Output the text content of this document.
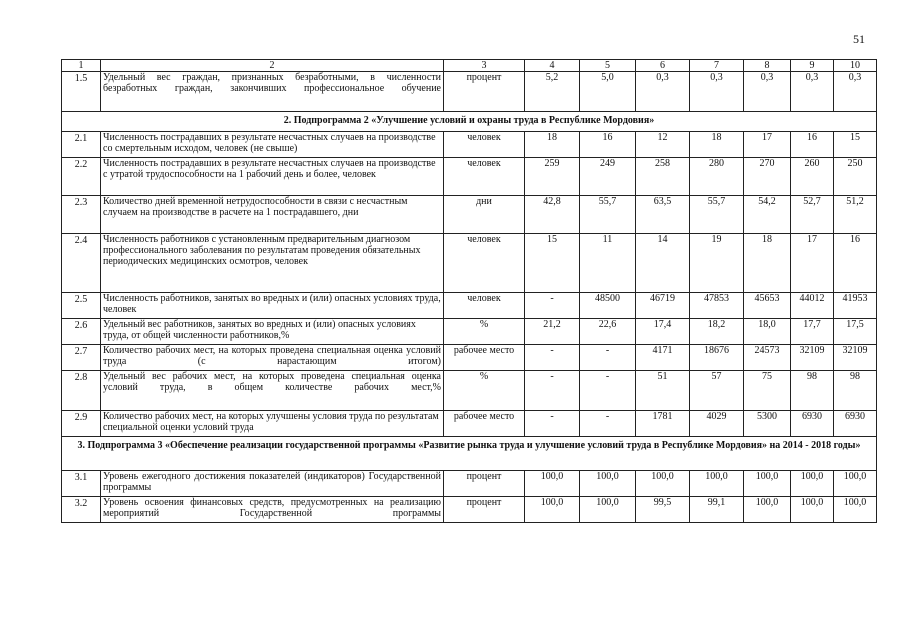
51
1	2	3	4	5	6	7	8	9	10
1.5	Удельный вес граждан, признанных безработными, в численности безработных граждан, закончивших профессиональное обучение	процент	5,2	5,0	0,3	0,3	0,3	0,3	0,3
2. Подпрограмма 2 «Улучшение условий и охраны труда в Республике Мордовия»									
2.1	Численность пострадавших в результате несчастных случаев на производстве со смертельным исходом, человек (не свыше)	человек	18	16	12	18	17	16	15
2.2	Численность пострадавших в результате несчастных случаев на производстве с утратой трудоспособности на 1 рабочий день и более, человек	человек	259	249	258	280	270	260	250
2.3	Количество дней временной нетрудоспособности в связи с несчастным случаем на производстве в расчете на 1 пострадавшего, дни	дни	42,8	55,7	63,5	55,7	54,2	52,7	51,2
2.4	Численность работников с установленным предварительным диагнозом профессионального заболевания по результатам проведения обязательных периодических медицинских осмотров, человек	человек	15	11	14	19	18	17	16
2.5	Численность работников, занятых во вредных и (или) опасных условиях труда, человек	человек	-	48500	46719	47853	45653	44012	41953
2.6	Удельный вес работников, занятых во вредных и (или) опасных условиях труда, от общей численности работников,%	%	21,2	22,6	17,4	18,2	18,0	17,7	17,5
2.7	Количество рабочих мест, на которых проведена специальная оценка условий труда (с нарастающим итогом)	рабочее место	-	-	4171	18676	24573	32109	32109
2.8	Удельный вес рабочих мест, на которых проведена специальная оценка условий труда, в общем количестве рабочих мест,%	%	-	-	51	57	75	98	98
2.9	Количество рабочих мест, на которых улучшены условия труда по результатам специальной оценки условий труда	рабочее место	-	-	1781	4029	5300	6930	6930
3. Подпрограмма 3 «Обеспечение реализации государственной программы «Развитие рынка труда и улучшение условий труда в Республике Мордовия» на 2014 - 2018 годы»									
3.1	Уровень ежегодного достижения показателей (индикаторов) Государственной программы	процент	100,0	100,0	100,0	100,0	100,0	100,0	100,0
3.2	Уровень освоения финансовых средств, предусмотренных на реализацию мероприятий Государственной программы	процент	100,0	100,0	99,5	99,1	100,0	100,0	100,0
